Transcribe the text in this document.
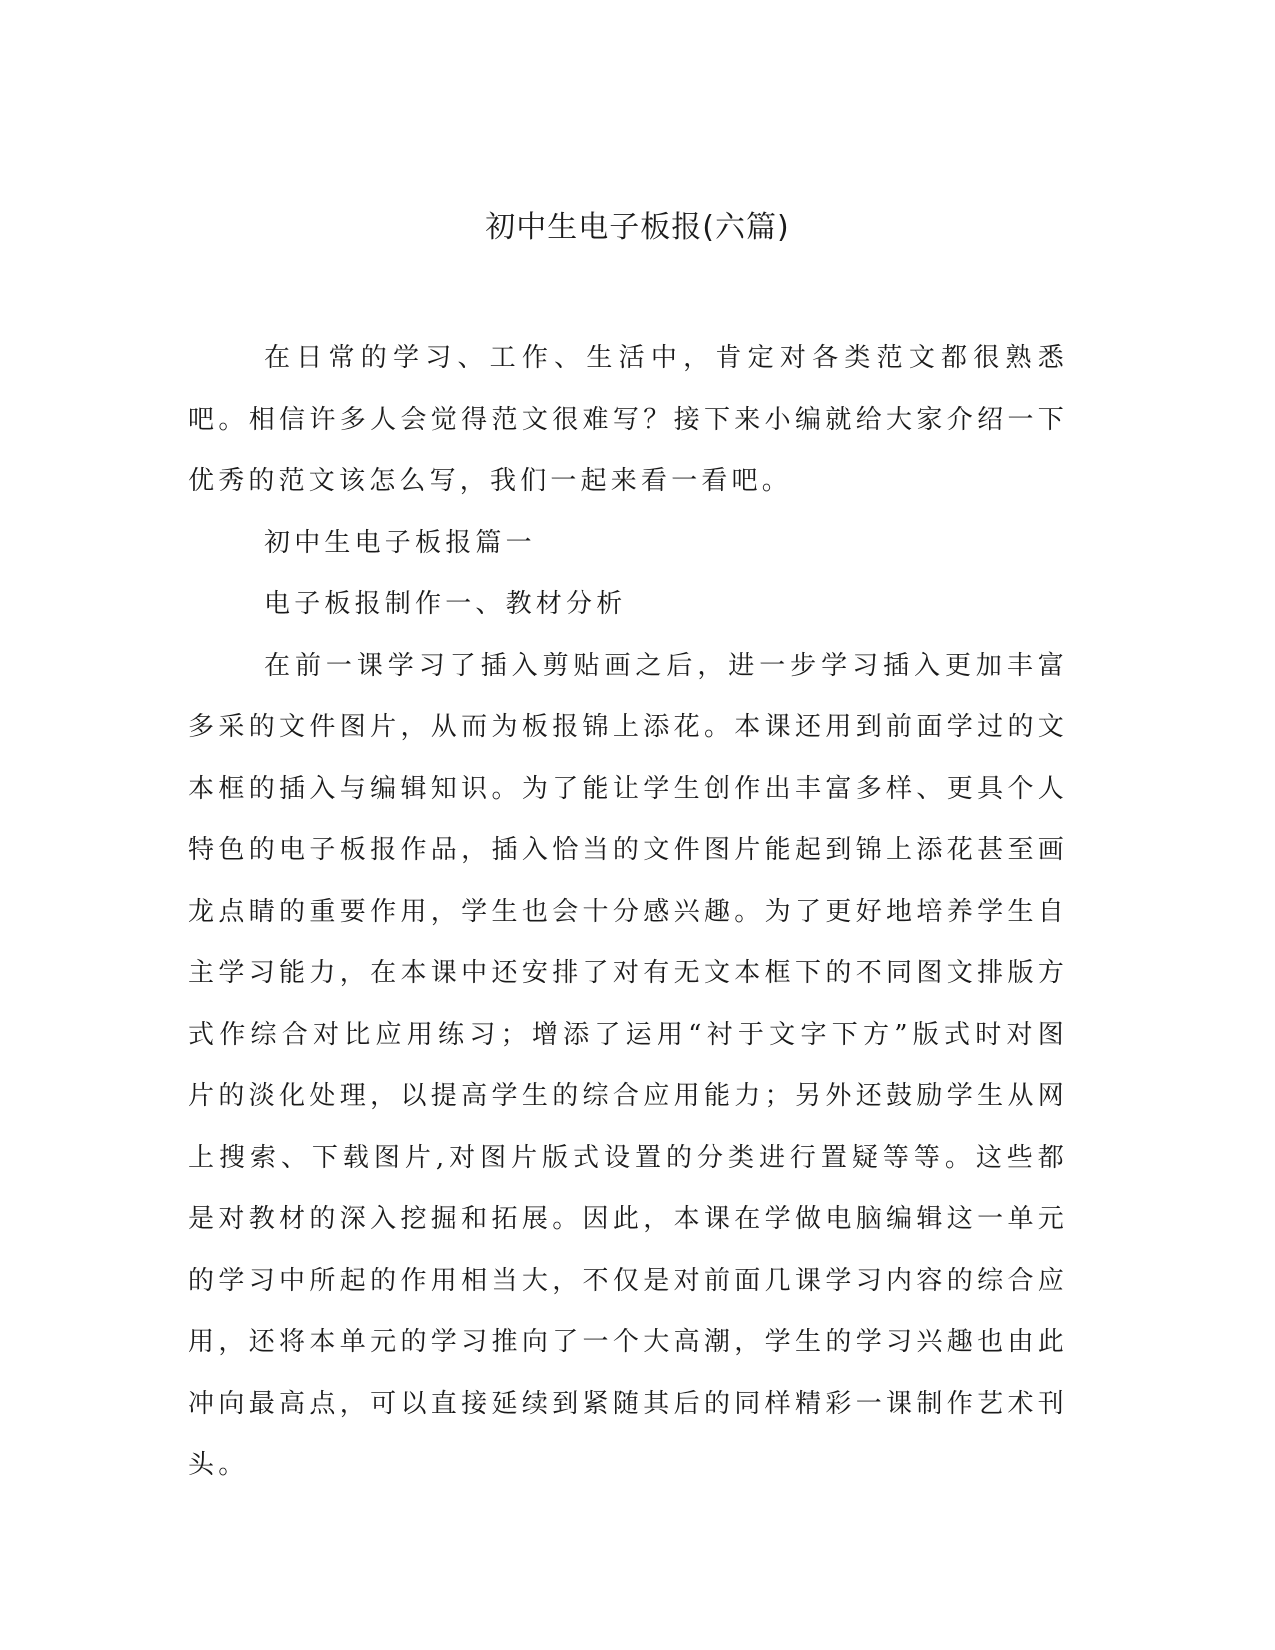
初中生电子板报(六篇)

在日常的学习、工作、生活中，肯定对各类范文都很熟悉吧。相信许多人会觉得范文很难写？接下来小编就给大家介绍一下优秀的范文该怎么写，我们一起来看一看吧。

初中生电子板报篇一

电子板报制作一、教材分析

在前一课学习了插入剪贴画之后，进一步学习插入更加丰富多采的文件图片，从而为板报锦上添花。本课还用到前面学过的文本框的插入与编辑知识。为了能让学生创作出丰富多样、更具个人特色的电子板报作品，插入恰当的文件图片能起到锦上添花甚至画龙点睛的重要作用，学生也会十分感兴趣。为了更好地培养学生自主学习能力，在本课中还安排了对有无文本框下的不同图文排版方式作综合对比应用练习；增添了运用“衬于文字下方”版式时对图片的淡化处理，以提高学生的综合应用能力；另外还鼓励学生从网上搜索、下载图片,对图片版式设置的分类进行置疑等等。这些都是对教材的深入挖掘和拓展。因此，本课在学做电脑编辑这一单元的学习中所起的作用相当大，不仅是对前面几课学习内容的综合应用，还将本单元的学习推向了一个大高潮，学生的学习兴趣也由此冲向最高点，可以直接延续到紧随其后的同样精彩一课制作艺术刊头。
